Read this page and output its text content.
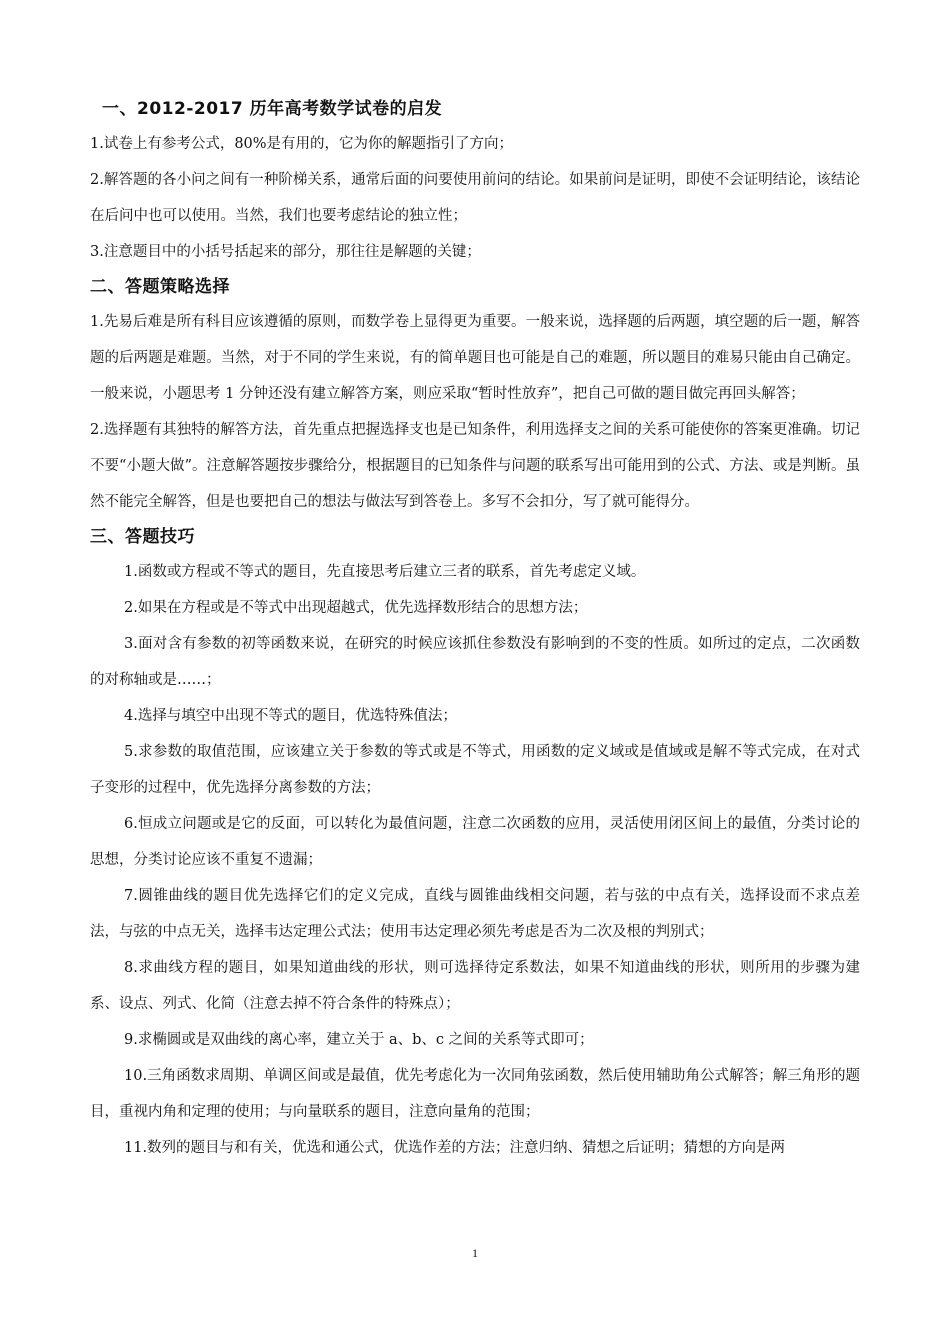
一、2012-2017 历年高考数学试卷的启发

1.试卷上有参考公式，80%是有用的，它为你的解题指引了方向；

2.解答题的各小问之间有一种阶梯关系，通常后面的问要使用前问的结论。如果前问是证明，即使不会证明结论，该结论在后问中也可以使用。当然，我们也要考虑结论的独立性；

3.注意题目中的小括号括起来的部分，那往往是解题的关键；

二、答题策略选择

1.先易后难是所有科目应该遵循的原则，而数学卷上显得更为重要。一般来说，选择题的后两题，填空题的后一题，解答题的后两题是难题。当然，对于不同的学生来说，有的简单题目也可能是自己的难题，所以题目的难易只能由自己确定。一般来说，小题思考 1 分钟还没有建立解答方案，则应采取“暂时性放弃”，把自己可做的题目做完再回头解答；

2.选择题有其独特的解答方法，首先重点把握选择支也是已知条件，利用选择支之间的关系可能使你的答案更准确。切记不要“小题大做”。注意解答题按步骤给分，根据题目的已知条件与问题的联系写出可能用到的公式、方法、或是判断。虽然不能完全解答，但是也要把自己的想法与做法写到答卷上。多写不会扣分，写了就可能得分。

三、答题技巧

1.函数或方程或不等式的题目，先直接思考后建立三者的联系，首先考虑定义域。

2.如果在方程或是不等式中出现超越式，优先选择数形结合的思想方法；

3.面对含有参数的初等函数来说，在研究的时候应该抓住参数没有影响到的不变的性质。如所过的定点，二次函数的对称轴或是……；

4.选择与填空中出现不等式的题目，优选特殊值法；

5.求参数的取值范围，应该建立关于参数的等式或是不等式，用函数的定义域或是值域或是解不等式完成，在对式子变形的过程中，优先选择分离参数的方法；

6.恒成立问题或是它的反面，可以转化为最值问题，注意二次函数的应用，灵活使用闭区间上的最值，分类讨论的思想，分类讨论应该不重复不遗漏；

7.圆锥曲线的题目优先选择它们的定义完成，直线与圆锥曲线相交问题，若与弦的中点有关，选择设而不求点差法，与弦的中点无关，选择韦达定理公式法；使用韦达定理必须先考虑是否为二次及根的判别式；

8.求曲线方程的题目，如果知道曲线的形状，则可选择待定系数法，如果不知道曲线的形状，则所用的步骤为建系、设点、列式、化简（注意去掉不符合条件的特殊点）；

9.求椭圆或是双曲线的离心率，建立关于 a、b、c 之间的关系等式即可；

10.三角函数求周期、单调区间或是最值，优先考虑化为一次同角弦函数，然后使用辅助角公式解答；解三角形的题目，重视内角和定理的使用；与向量联系的题目，注意向量角的范围；

11.数列的题目与和有关，优选和通公式，优选作差的方法；注意归纳、猜想之后证明；猜想的方向是两

1
